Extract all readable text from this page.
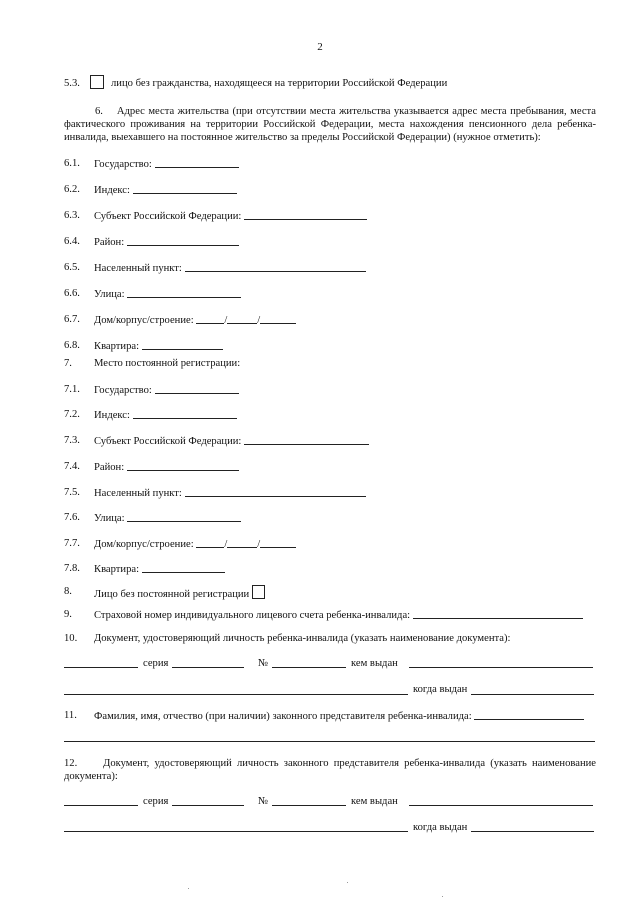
2
5.3.	лицо без гражданства, находящееся на территории Российской Федерации
6. Адрес места жительства (при отсутствии места жительства указывается адрес места пребывания, места фактического проживания на территории Российской Федерации, места нахождения пенсионного дела ребенка-инвалида, выехавшего на постоянное жительство за пределы Российской Федерации) (нужное отметить):
6.1. Государство:
6.2. Индекс:
6.3. Субъект Российской Федерации:
6.4. Район:
6.5. Населенный пункт:
6.6. Улица:
6.7. Дом/корпус/строение:	/	/
6.8. Квартира:
7. Место постоянной регистрации:
7.1. Государство:
7.2. Индекс:
7.3. Субъект Российской Федерации:
7.4. Район:
7.5. Населенный пункт:
7.6. Улица:
7.7. Дом/корпус/строение:	/	/
7.8. Квартира:
8. Лицо без постоянной регистрации
9. Страховой номер индивидуального лицевого счета ребенка-инвалида:
10. Документ, удостоверяющий личность ребенка-инвалида (указать наименование документа):
серия	№	кем выдан
когда выдан
11. Фамилия, имя, отчество (при наличии) законного представителя ребенка-инвалида:
12. Документ, удостоверяющий личность законного представителя ребенка-инвалида (указать наименование документа):
серия	№	кем выдан
когда выдан
